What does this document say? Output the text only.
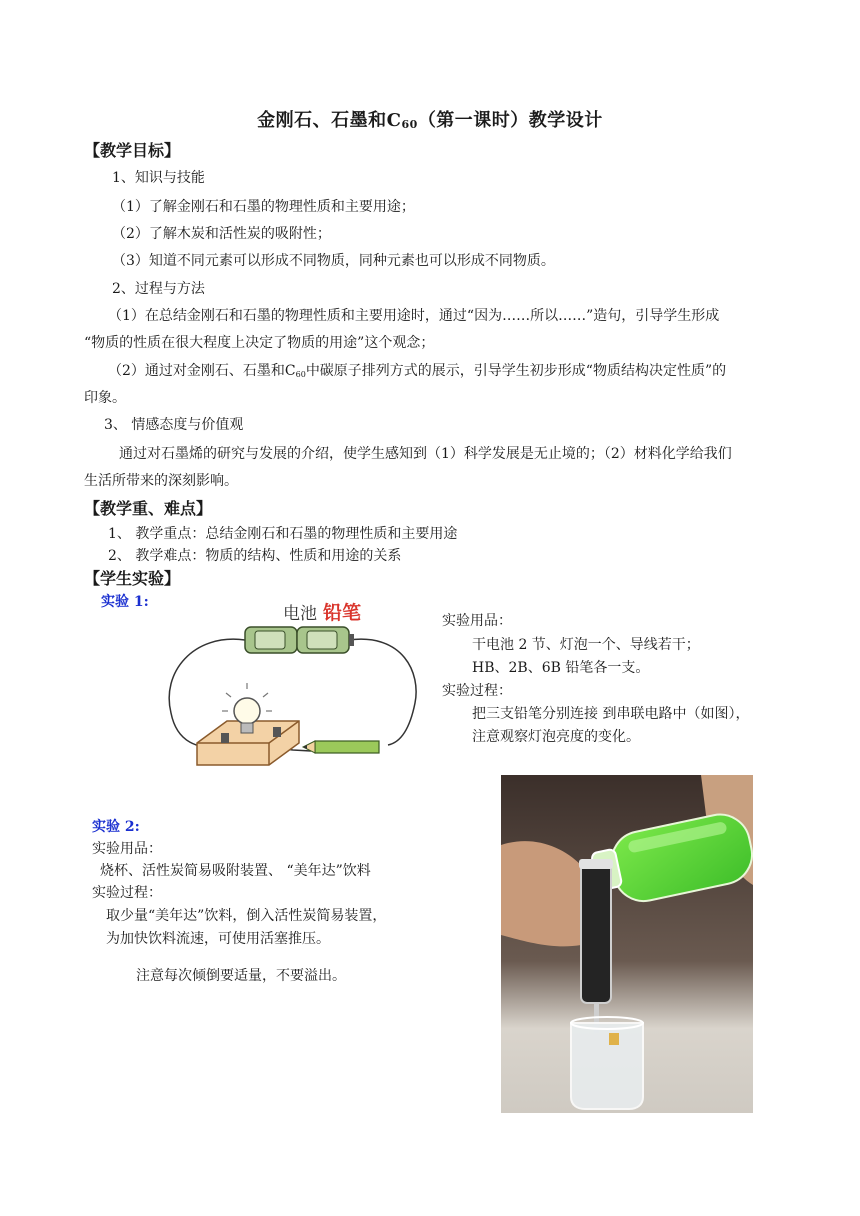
金刚石、石墨和$C_{60}$（第一课时）教学设计
【教学目标】
1、知识与技能
（1）了解金刚石和石墨的物理性质和主要用途；
（2）了解木炭和活性炭的吸附性；
（3）知道不同元素可以形成不同物质，同种元素也可以形成不同物质。
2、过程与方法
（1）在总结金刚石和石墨的物理性质和主要用途时，通过“因为……所以……”造句，引导学生形成
“物质的性质在很大程度上决定了物质的用途”这个观念；
（2）通过对金刚石、石墨和$C_{60}$中碳原子排列方式的展示，引导学生初步形成“物质结构决定性质”的
印象。
3、 情感态度与价值观
通过对石墨烯的研究与发展的介绍，使学生感知到（1）科学发展是无止境的；（2）材料化学给我们
生活所带来的深刻影响。
【教学重、难点】
1、 教学重点：总结金刚石和石墨的物理性质和主要用途
2、 教学难点：物质的结构、性质和用途的关系
【学生实验】
实验 1:
电池 铅笔	实验用品：
干电池 2 节、灯泡一个、导线若干；
HB、2B、6B 铅笔各一支。
实验过程：
把三支铅笔分别连接 到串联电路中（如图），
注意观察灯泡亮度的变化。
实验 2:
实验用品：
烧杯、活性炭简易吸附装置、 “美年达”饮料
实验过程：
取少量“美年达”饮料，倒入活性炭简易装置，
为加快饮料流速，可使用活塞推压。
注意每次倾倒要适量，不要溢出。
